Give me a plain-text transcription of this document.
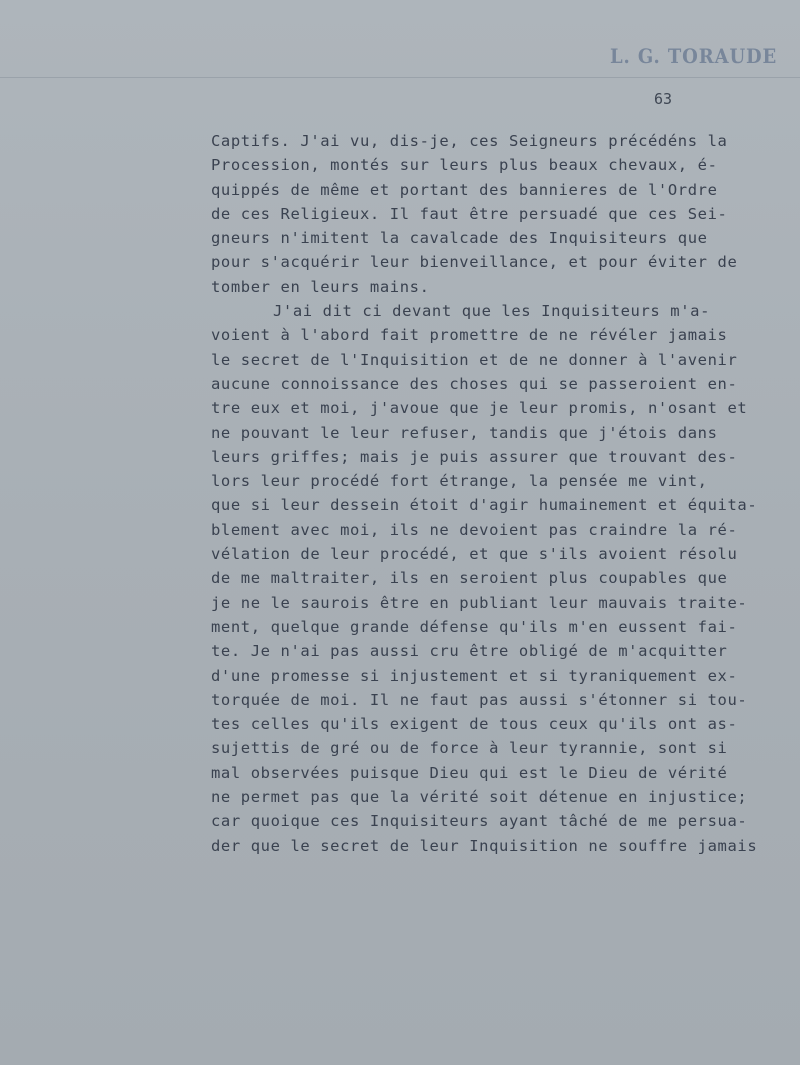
L. G. TORAUDE
63
Captifs. J'ai vu, dis-je, ces Seigneurs précédéns la
Procession, montés sur leurs plus beaux chevaux, é-
quippés de même et portant des bannieres de l'Ordre
de ces Religieux. Il faut être persuadé que ces Sei-
gneurs n'imitent la cavalcade des Inquisiteurs que
pour s'acquérir leur bienveillance, et pour éviter de
tomber en leurs mains.
J'ai dit ci devant que les Inquisiteurs m'a-
voient à l'abord fait promettre de ne révéler jamais
le secret de l'Inquisition et de ne donner à l'avenir
aucune connoissance des choses qui se passeroient en-
tre eux et moi, j'avoue que je leur promis, n'osant et
ne pouvant le leur refuser, tandis que j'étois dans
leurs griffes; mais je puis assurer que trouvant des-
lors leur procédé fort étrange, la pensée me vint,
que si leur dessein étoit d'agir humainement et équita-
blement avec moi, ils ne devoient pas craindre la ré-
vélation de leur procédé, et que s'ils avoient résolu
de me maltraiter, ils en seroient plus coupables que
je ne le saurois être en publiant leur mauvais traite-
ment, quelque grande défense qu'ils m'en eussent fai-
te. Je n'ai pas aussi cru être obligé de m'acquitter
d'une promesse si injustement et si tyraniquement ex-
torquée de moi. Il ne faut pas aussi s'étonner si tou-
tes celles qu'ils exigent de tous ceux qu'ils ont as-
sujettis de gré ou de force à leur tyrannie, sont si
mal observées puisque Dieu qui est le Dieu de vérité
ne permet pas que la vérité soit détenue en injustice;
car quoique ces Inquisiteurs ayant tâché de me persua-
der que le secret de leur Inquisition ne souffre jamais
